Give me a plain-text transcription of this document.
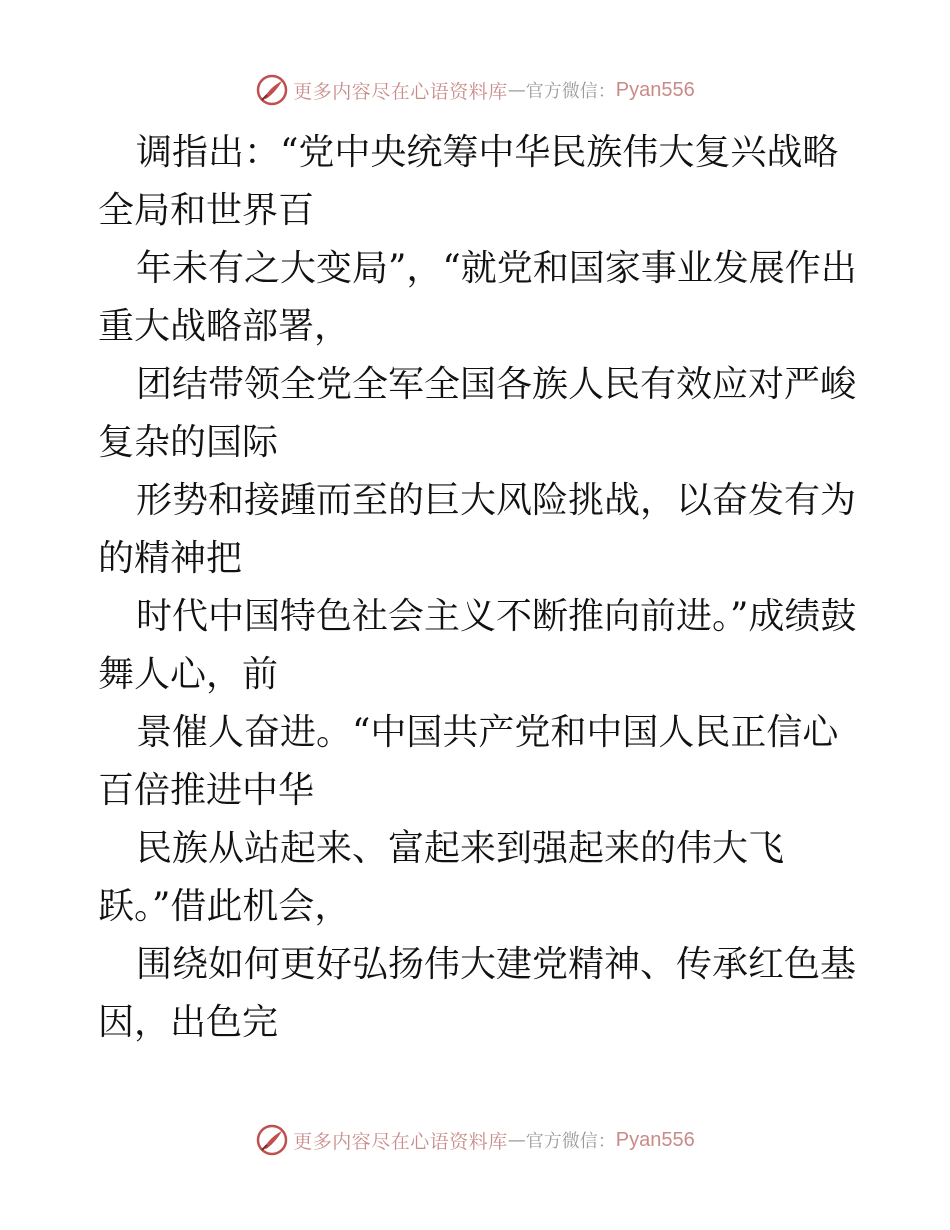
更多内容尽在心语资料库 — 官方微信： Pyan556

调指出：“党中央统筹中华民族伟大复兴战略全局和世界百

年未有之大变局”，“就党和国家事业发展作出重大战略部署，

团结带领全党全军全国各族人民有效应对严峻复杂的国际

形势和接踵而至的巨大风险挑战，以奋发有为的精神把

时代中国特色社会主义不断推向前进。”成绩鼓舞人心，前

景催人奋进。“中国共产党和中国人民正信心百倍推进中华

民族从站起来、富起来到强起来的伟大飞跃。”借此机会，

围绕如何更好弘扬伟大建党精神、传承红色基因，出色完

更多内容尽在心语资料库 — 官方微信： Pyan556
